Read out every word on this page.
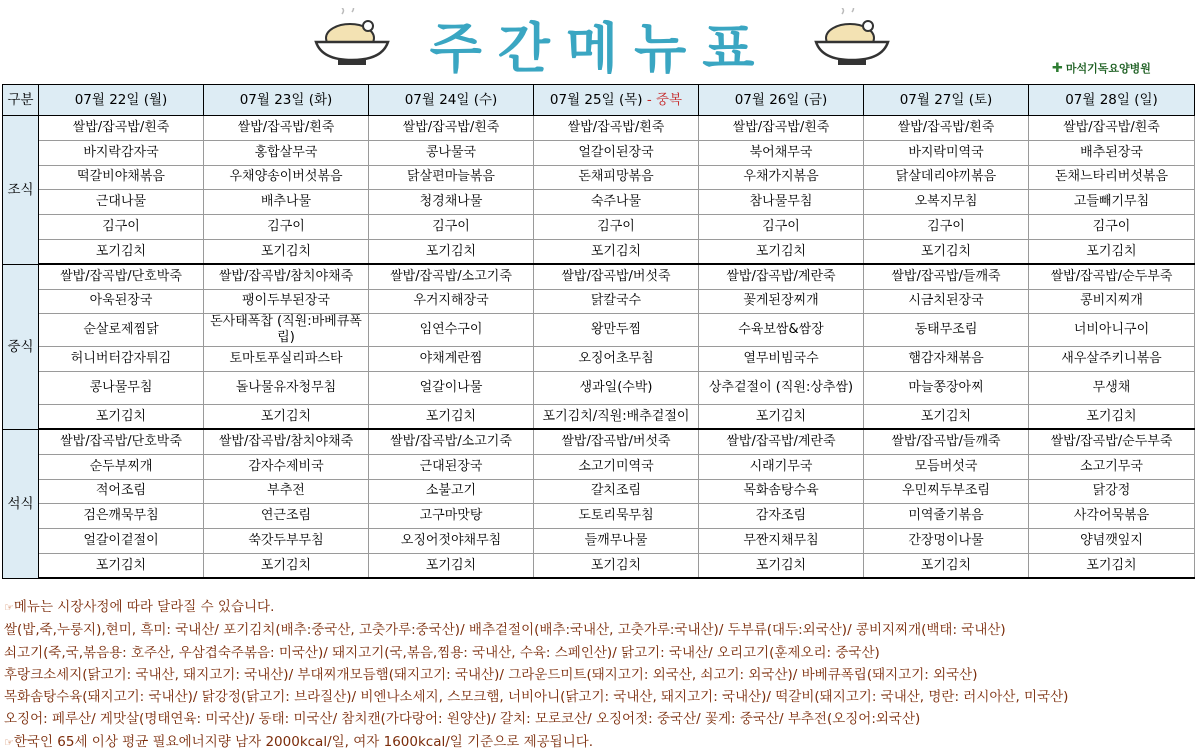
주간메뉴표	✚ 마석기독요양병원
구분	07월 22일 (월)	07월 23일 (화)	07월 24일 (수)	07월 25일 (목) - 중복	07월 26일 (금)	07월 27일 (토)	07월 28일 (일)
조식	쌀밥/잡곡밥/흰죽	쌀밥/잡곡밥/흰죽	쌀밥/잡곡밥/흰죽	쌀밥/잡곡밥/흰죽	쌀밥/잡곡밥/흰죽	쌀밥/잡곡밥/흰죽	쌀밥/잡곡밥/흰죽
	바지락감자국	홍합살무국	콩나물국	얼갈이된장국	북어채무국	바지락미역국	배추된장국
	떡갈비야채볶음	우채양송이버섯볶음	닭살편마늘볶음	돈채피망볶음	우채가지볶음	닭살데리야끼볶음	돈채느타리버섯볶음
	근대나물	배추나물	청경채나물	숙주나물	참나물무침	오복지무침	고들빼기무침
	김구이	김구이	김구이	김구이	김구이	김구이	김구이
	포기김치	포기김치	포기김치	포기김치	포기김치	포기김치	포기김치
중식	쌀밥/잡곡밥/단호박죽	쌀밥/잡곡밥/참치야채죽	쌀밥/잡곡밥/소고기죽	쌀밥/잡곡밥/버섯죽	쌀밥/잡곡밥/계란죽	쌀밥/잡곡밥/들깨죽	쌀밥/잡곡밥/순두부죽
	아욱된장국	팽이두부된장국	우거지해장국	닭칼국수	꽃게된장찌개	시금치된장국	콩비지찌개
	순살로제찜닭	돈사태폭찹 (직원:바베큐폭립)	임연수구이	왕만두찜	수육보쌈&쌈장	동태무조림	너비아니구이
	허니버터감자튀김	토마토푸실리파스타	야채계란찜	오징어초무침	열무비빔국수	햄감자채볶음	새우살주키니볶음
	콩나물무침	돌나물유자청무침	얼갈이나물	생과일(수박)	상추겉절이 (직원:상추쌈)	마늘쫑장아찌	무생채
	포기김치	포기김치	포기김치	포기김치/직원:배추겉절이	포기김치	포기김치	포기김치
석식	쌀밥/잡곡밥/단호박죽	쌀밥/잡곡밥/참치야채죽	쌀밥/잡곡밥/소고기죽	쌀밥/잡곡밥/버섯죽	쌀밥/잡곡밥/계란죽	쌀밥/잡곡밥/들깨죽	쌀밥/잡곡밥/순두부죽
	순두부찌개	감자수제비국	근대된장국	소고기미역국	시래기무국	모듬버섯국	소고기무국
	적어조림	부추전	소불고기	갈치조림	목화솜탕수육	우민찌두부조림	닭강정
	검은깨묵무침	연근조림	고구마맛탕	도토리묵무침	감자조림	미역줄기볶음	사각어묵볶음
	얼갈이겉절이	쑥갓두부무침	오징어젓야채무침	들깨무나물	무짠지채무침	간장멍이나물	양념깻잎지
	포기김치	포기김치	포기김치	포기김치	포기김치	포기김치	포기김치
☞메뉴는 시장사정에 따라 달라질 수 있습니다.
쌀(밥,죽,누룽지),현미, 흑미: 국내산/ 포기김치(배추:중국산, 고춧가루:중국산)/ 배추겉절이(배추:국내산, 고춧가루:국내산)/ 두부류(대두:외국산)/ 콩비지찌개(백태: 국내산)
쇠고기(죽,국,볶음용: 호주산, 우삼겹숙주볶음: 미국산)/ 돼지고기(국,볶음,찜용: 국내산, 수육: 스페인산)/ 닭고기: 국내산/ 오리고기(훈제오리: 중국산)
후랑크소세지(닭고기: 국내산, 돼지고기: 국내산)/ 부대찌개모듬햄(돼지고기: 국내산)/ 그라운드미트(돼지고기: 외국산, 쇠고기: 외국산)/ 바베큐폭립(돼지고기: 외국산)
목화솜탕수육(돼지고기: 국내산)/ 닭강정(닭고기: 브라질산)/ 비엔나소세지, 스모크햄, 너비아니(닭고기: 국내산, 돼지고기: 국내산)/ 떡갈비(돼지고기: 국내산, 명란: 러시아산, 미국산)
오징어: 페루산/ 게맛살(명태연육: 미국산)/ 동태: 미국산/ 참치캔(가다랑어: 원양산)/ 갈치: 모로코산/ 오징어젓: 중국산/ 꽃게: 중국산/ 부추전(오징어:외국산)
☞한국인 65세 이상 평균 필요에너지량 남자 2000kcal/일, 여자 1600kcal/일 기준으로 제공됩니다.
